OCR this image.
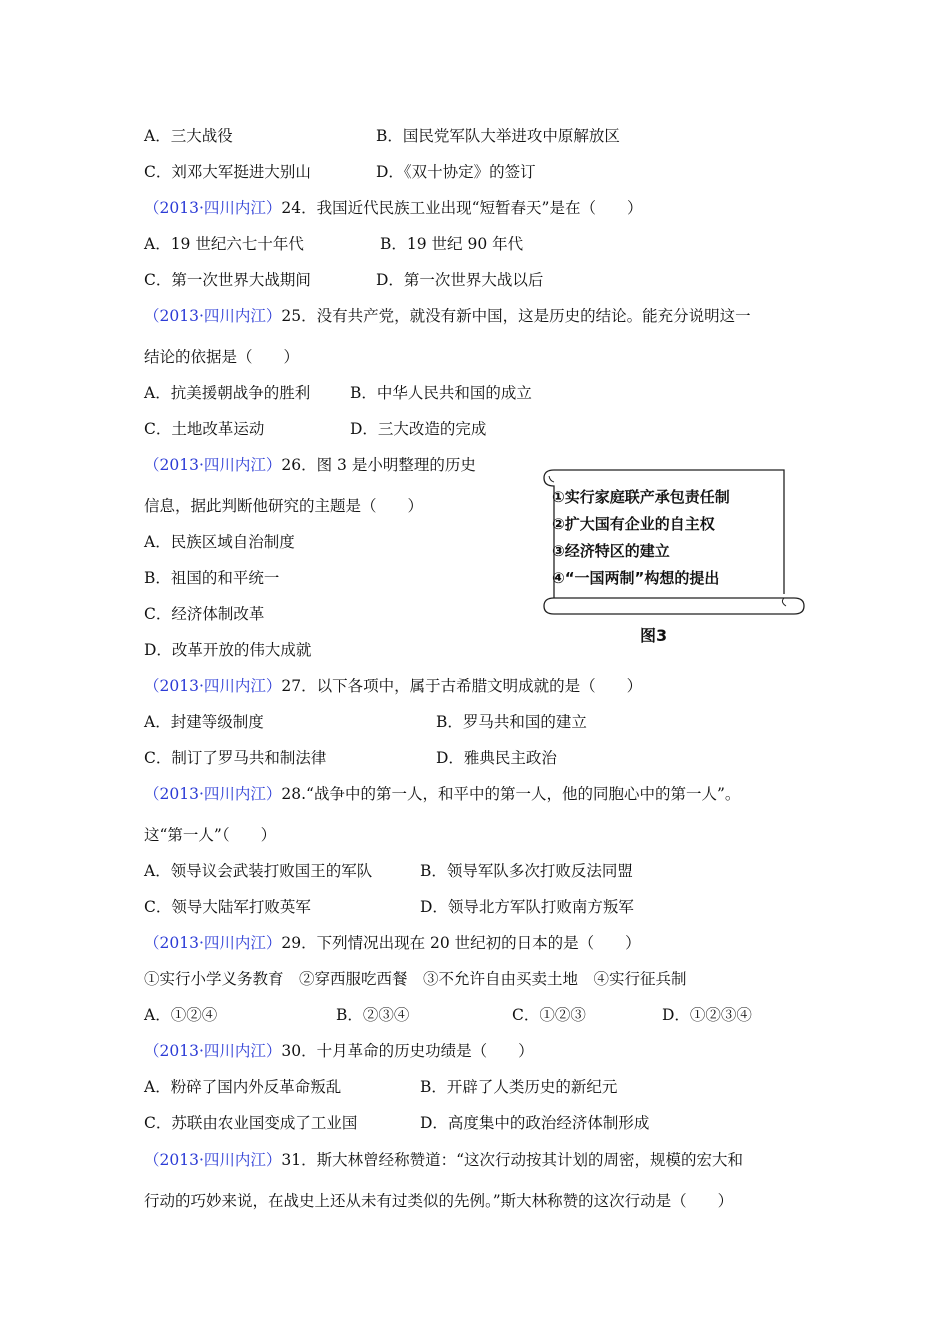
A．三大战役	B．国民党军队大举进攻中原解放区
C．刘邓大军挺进大别山	D．《双十协定》的签订
（2013·四川内江）24．我国近代民族工业出现“短暂春天”是在（　　）
A．19 世纪六七十年代	B．19 世纪 90 年代
C．第一次世界大战期间	D．第一次世界大战以后
（2013·四川内江）25．没有共产党，就没有新中国，这是历史的结论。能充分说明这一
结论的依据是（　　）
A．抗美援朝战争的胜利	B．中华人民共和国的成立
C．土地改革运动	D．三大改造的完成
（2013·四川内江）26．图 3 是小明整理的历史
信息，据此判断他研究的主题是（　　）
A．民族区域自治制度
B．祖国的和平统一
C．经济体制改革
D．改革开放的伟大成就
①实行家庭联产承包责任制
②扩大国有企业的自主权
③经济特区的建立
④“一国两制”构想的提出
图3
（2013·四川内江）27．以下各项中，属于古希腊文明成就的是（　　）
A．封建等级制度	B．罗马共和国的建立
C．制订了罗马共和制法律	D．雅典民主政治
（2013·四川内江）28.“战争中的第一人，和平中的第一人，他的同胞心中的第一人”。
这“第一人”（　　）
A．领导议会武装打败国王的军队	B．领导军队多次打败反法同盟
C．领导大陆军打败英军	D．领导北方军队打败南方叛军
（2013·四川内江）29．下列情况出现在 20 世纪初的日本的是（　　）
①实行小学义务教育　②穿西服吃西餐　③不允许自由买卖土地　④实行征兵制
A．①②④	B．②③④	C．①②③	D．①②③④
（2013·四川内江）30．十月革命的历史功绩是（　　）
A．粉碎了国内外反革命叛乱	B．开辟了人类历史的新纪元
C．苏联由农业国变成了工业国	D．高度集中的政治经济体制形成
（2013·四川内江）31．斯大林曾经称赞道：“这次行动按其计划的周密，规模的宏大和
行动的巧妙来说，在战史上还从未有过类似的先例。”斯大林称赞的这次行动是（　　）
